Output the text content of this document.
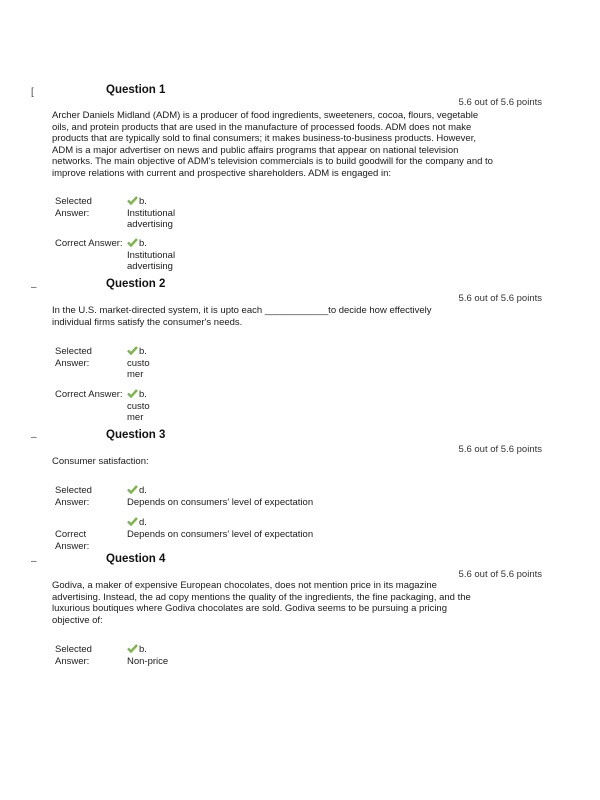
[	Question 1
5.6 out of 5.6 points
Archer Daniels Midland (ADM) is a producer of food ingredients, sweeteners, cocoa, flours, vegetable oils, and protein products that are used in the manufacture of processed foods. ADM does not make products that are typically sold to final consumers; it makes business-to-business products. However, ADM is a major advertiser on news and public affairs programs that appear on national television networks. The main objective of ADM's television commercials is to build goodwill for the company and to improve relations with current and prospective shareholders. ADM is engaged in:
Selected Answer:
b.
Institutional advertising
Correct Answer:	b.
Institutional advertising
–	Question 2
5.6 out of 5.6 points
In the U.S. market-directed system, it is upto each ____________to decide how effectively individual firms satisfy the consumer's needs.
Selected Answer:
b.
customer
Correct Answer:	b.
customer
–	Question 3
5.6 out of 5.6 points
Consumer satisfaction:
Selected Answer:
d.
Depends on consumers' level of expectation
Correct Answer:
d.
Depends on consumers' level of expectation
–	Question 4
5.6 out of 5.6 points
Godiva, a maker of expensive European chocolates, does not mention price in its magazine advertising. Instead, the ad copy mentions the quality of the ingredients, the fine packaging, and the luxurious boutiques where Godiva chocolates are sold. Godiva seems to be pursuing a pricing objective of:
Selected Answer:
b.
Non-price
